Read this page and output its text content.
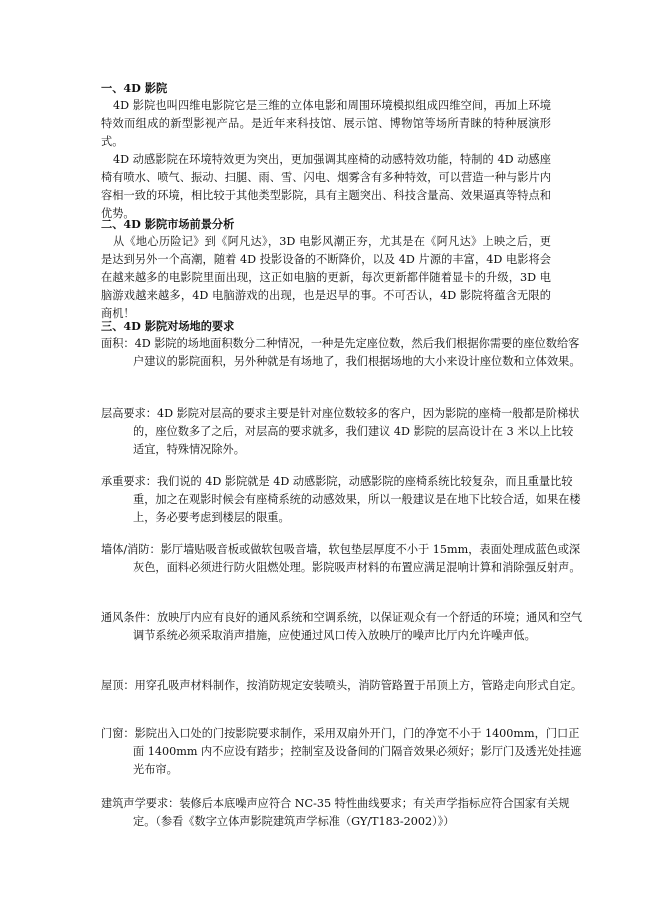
一、4D 影院
4D 影院也叫四维电影院它是三维的立体电影和周围环境模拟组成四维空间，再加上环境特效而组成的新型影视产品。是近年来科技馆、展示馆、博物馆等场所青睐的特种展演形式。
4D 动感影院在环境特效更为突出，更加强调其座椅的动感特效功能，特制的 4D 动感座椅有喷水、喷气、振动、扫腿、雨、雪、闪电、烟雾含有多种特效，可以营造一种与影片内容相一致的环境，相比较于其他类型影院，具有主题突出、科技含量高、效果逼真等特点和优势。
二、4D 影院市场前景分析
从《地心历险记》到《阿凡达》，3D 电影风潮正夯，尤其是在《阿凡达》上映之后，更是达到另外一个高潮，随着 4D 投影设备的不断降价，以及 4D 片源的丰富，4D 电影将会在越来越多的电影院里面出现，这正如电脑的更新，每次更新都伴随着显卡的升级，3D 电脑游戏越来越多，4D 电脑游戏的出现，也是迟早的事。不可否认，4D 影院将蕴含无限的商机！
三、4D 影院对场地的要求
面积：4D 影院的场地面积数分二种情况，一种是先定座位数，然后我们根据你需要的座位数给客户建议的影院面积，另外种就是有场地了，我们根据场地的大小来设计座位数和立体效果。
层高要求：4D 影院对层高的要求主要是针对座位数较多的客户，因为影院的座椅一般都是阶梯状的，座位数多了之后，对层高的要求就多，我们建议 4D 影院的层高设计在 3 米以上比较适宜，特殊情况除外。
承重要求：我们说的 4D 影院就是 4D 动感影院，动感影院的座椅系统比较复杂，而且重量比较重，加之在观影时候会有座椅系统的动感效果，所以一般建议是在地下比较合适，如果在楼上，务必要考虑到楼层的限重。
墙体/消防：影厅墙贴吸音板或做软包吸音墙，软包垫层厚度不小于 15mm，表面处理成蓝色或深灰色，面料必须进行防火阻燃处理。影院吸声材料的布置应满足混响计算和消除强反射声。
通风条件：放映厅内应有良好的通风系统和空调系统，以保证观众有一个舒适的环境；通风和空气调节系统必须采取消声措施，应使通过风口传入放映厅的噪声比厅内允许噪声低。
屋顶：用穿孔吸声材料制作，按消防规定安装喷头，消防管路置于吊顶上方，管路走向形式自定。
门窗：影院出入口处的门按影院要求制作，采用双扇外开门，门的净宽不小于 1400mm，门口正面 1400mm 内不应设有踏步；控制室及设备间的门隔音效果必须好；影厅门及透光处挂遮光布帘。
建筑声学要求：装修后本底噪声应符合 NC-35 特性曲线要求；有关声学指标应符合国家有关规定。（参看《数字立体声影院建筑声学标准（GY/T183-2002）》）
